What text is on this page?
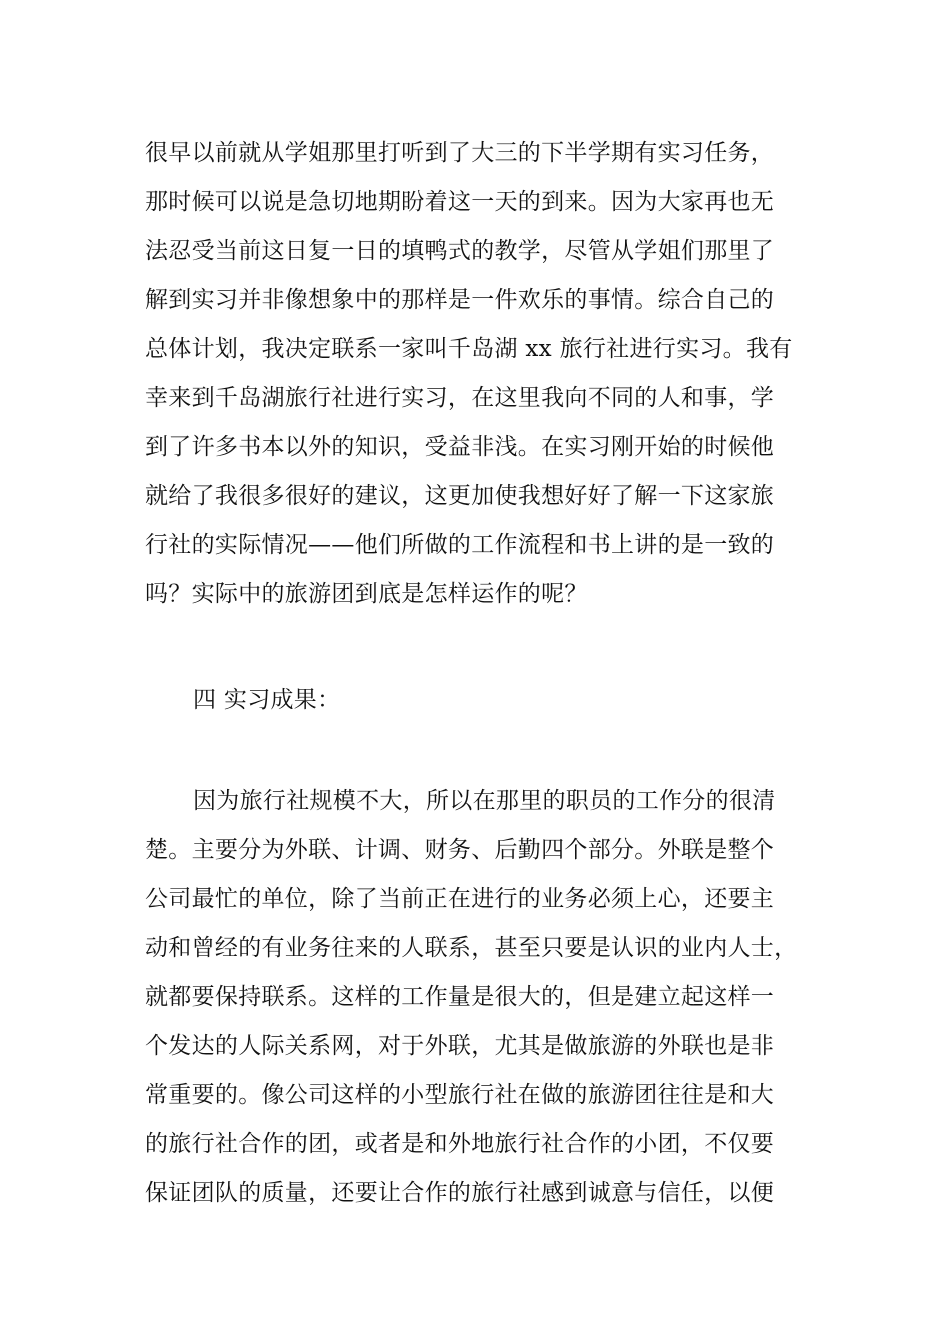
很早以前就从学姐那里打听到了大三的下半学期有实习任务，
那时候可以说是急切地期盼着这一天的到来。因为大家再也无
法忍受当前这日复一日的填鸭式的教学，尽管从学姐们那里了
解到实习并非像想象中的那样是一件欢乐的事情。综合自己的
总体计划，我决定联系一家叫千岛湖 xx 旅行社进行实习。我有
幸来到千岛湖旅行社进行实习，在这里我向不同的人和事，学
到了许多书本以外的知识，受益非浅。在实习刚开始的时候他
就给了我很多很好的建议，这更加使我想好好了解一下这家旅
行社的实际情况——他们所做的工作流程和书上讲的是一致的
吗？实际中的旅游团到底是怎样运作的呢？
四 实习成果：
因为旅行社规模不大，所以在那里的职员的工作分的很清
楚。主要分为外联、计调、财务、后勤四个部分。外联是整个
公司最忙的单位，除了当前正在进行的业务必须上心，还要主
动和曾经的有业务往来的人联系，甚至只要是认识的业内人士，
就都要保持联系。这样的工作量是很大的，但是建立起这样一
个发达的人际关系网，对于外联，尤其是做旅游的外联也是非
常重要的。像公司这样的小型旅行社在做的旅游团往往是和大
的旅行社合作的团，或者是和外地旅行社合作的小团，不仅要
保证团队的质量，还要让合作的旅行社感到诚意与信任，以便
